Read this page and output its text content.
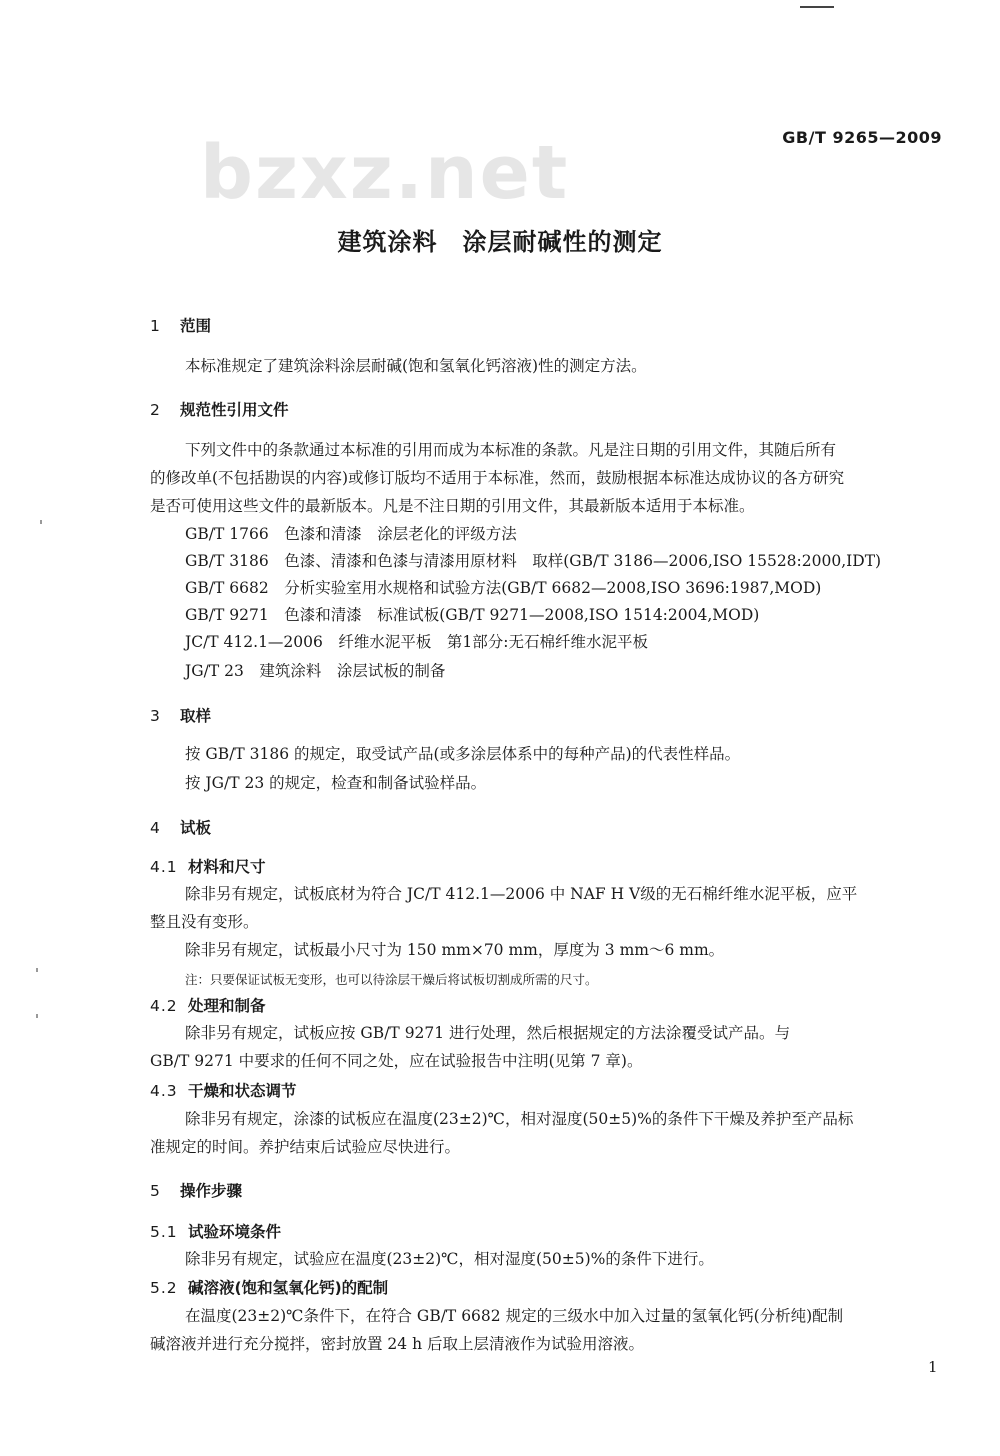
bzxz.net	GB/T 9265—2009
建筑涂料　涂层耐碱性的测定
1 范围
本标准规定了建筑涂料涂层耐碱(饱和氢氧化钙溶液)性的测定方法。
2 规范性引用文件
下列文件中的条款通过本标准的引用而成为本标准的条款。凡是注日期的引用文件，其随后所有
的修改单(不包括勘误的内容)或修订版均不适用于本标准，然而，鼓励根据本标准达成协议的各方研究
是否可使用这些文件的最新版本。凡是不注日期的引用文件，其最新版本适用于本标准。
GB/T 1766　 色漆和清漆　涂层老化的评级方法
GB/T 3186　 色漆、清漆和色漆与清漆用原材料　取样(GB/T 3186—2006,ISO 15528:2000,IDT)
GB/T 6682　 分析实验室用水规格和试验方法(GB/T 6682—2008,ISO 3696:1987,MOD)
GB/T 9271　 色漆和清漆　标准试板(GB/T 9271—2008,ISO 1514:2004,MOD)
JC/T 412.1—2006　 纤维水泥平板　第1部分:无石棉纤维水泥平板
JG/T 23　 建筑涂料　涂层试板的制备
3 取样
按 GB/T 3186 的规定，取受试产品(或多涂层体系中的每种产品)的代表性样品。
按 JG/T 23 的规定，检查和制备试验样品。
4 试板
4.1 材料和尺寸
除非另有规定，试板底材为符合 JC/T 412.1—2006 中 NAF H Ⅴ级的无石棉纤维水泥平板，应平
整且没有变形。
除非另有规定，试板最小尺寸为 150 mm×70 mm，厚度为 3 mm～6 mm。
注：只要保证试板无变形，也可以待涂层干燥后将试板切割成所需的尺寸。
4.2 处理和制备
除非另有规定，试板应按 GB/T 9271 进行处理，然后根据规定的方法涂覆受试产品。与
GB/T 9271 中要求的任何不同之处，应在试验报告中注明(见第 7 章)。
4.3 干燥和状态调节
除非另有规定，涂漆的试板应在温度(23±2)℃，相对湿度(50±5)%的条件下干燥及养护至产品标
准规定的时间。养护结束后试验应尽快进行。
5 操作步骤
5.1 试验环境条件
除非另有规定，试验应在温度(23±2)℃，相对湿度(50±5)%的条件下进行。
5.2 碱溶液(饱和氢氧化钙)的配制
在温度(23±2)℃条件下，在符合 GB/T 6682 规定的三级水中加入过量的氢氧化钙(分析纯)配制
碱溶液并进行充分搅拌，密封放置 24 h 后取上层清液作为试验用溶液。
1
